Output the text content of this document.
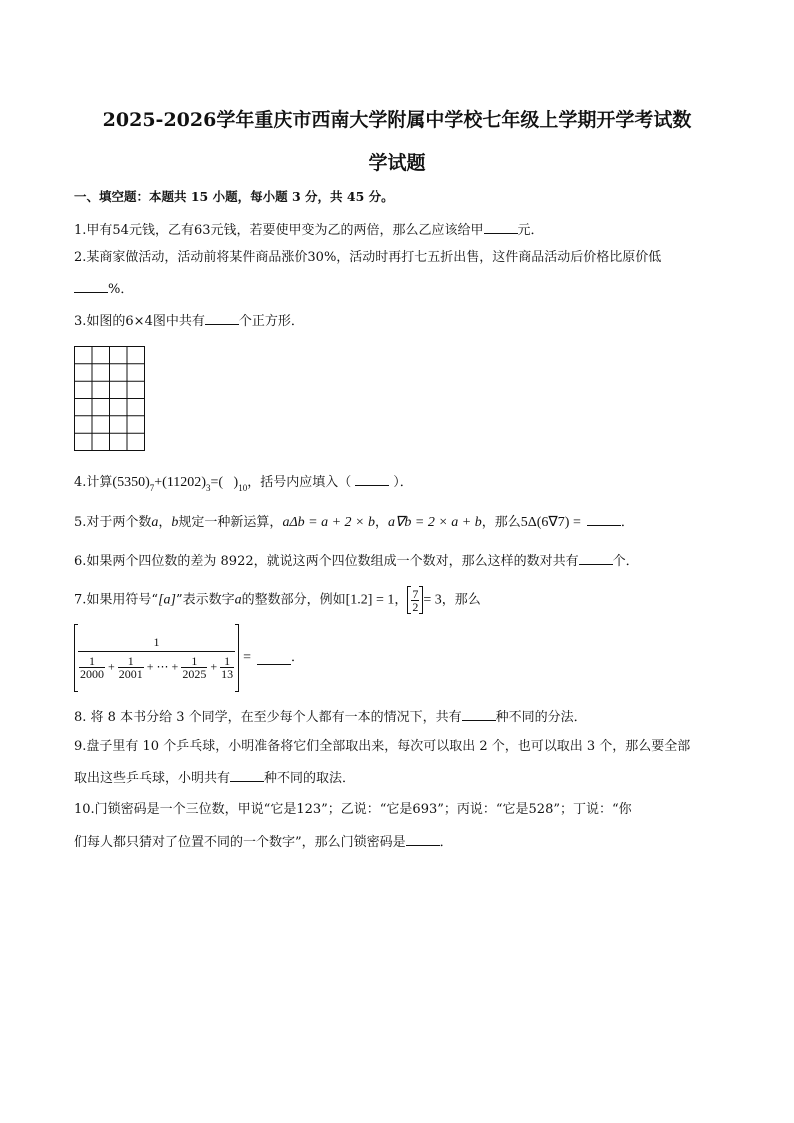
2025-2026学年重庆市西南大学附属中学校七年级上学期开学考试数
学试题
一、填空题：本题共 15 小题，每小题 3 分，共 45 分。
1.甲有54元钱，乙有63元钱，若要使甲变为乙的两倍，那么乙应该给甲	元．
2.某商家做活动，活动前将某件商品涨价30%，活动时再打七五折出售，这件商品活动后价格比原价低
%．
3.如图的6×4图中共有	个正方形．
4.计算$(5350)_7+(11202)_3=$(   )$_{10}$，括号内应填入（	）．
5.对于两个数a，b规定一种新运算，aΔb = a + 2 × b，a∇b = 2 × a + b，那么5Δ(6∇7) =	．
6.如果两个四位数的差为 8922，就说这两个四位数组成一个数对，那么这样的数对共有	个．
7.如果用符号“[a]”表示数字a的整数部分，例如[1.2] = 1， $\frac{7}{2} = 3$，那么
$\frac{1}{\frac{1}{2000} + \frac{1}{2001} + \cdots + \frac{1}{2025} + \frac{1}{13}}$ =	．
8. 将 8 本书分给 3 个同学，在至少每个人都有一本的情况下，共有	种不同的分法．
9.盘子里有 10 个乒乓球，小明准备将它们全部取出来，每次可以取出 2 个，也可以取出 3 个，那么要全部
取出这些乒乓球，小明共有	种不同的取法．
10.门锁密码是一个三位数，甲说“它是123”；乙说：“它是693”；丙说：“它是528”；丁说：“你
们每人都只猜对了位置不同的一个数字”，那么门锁密码是	．
